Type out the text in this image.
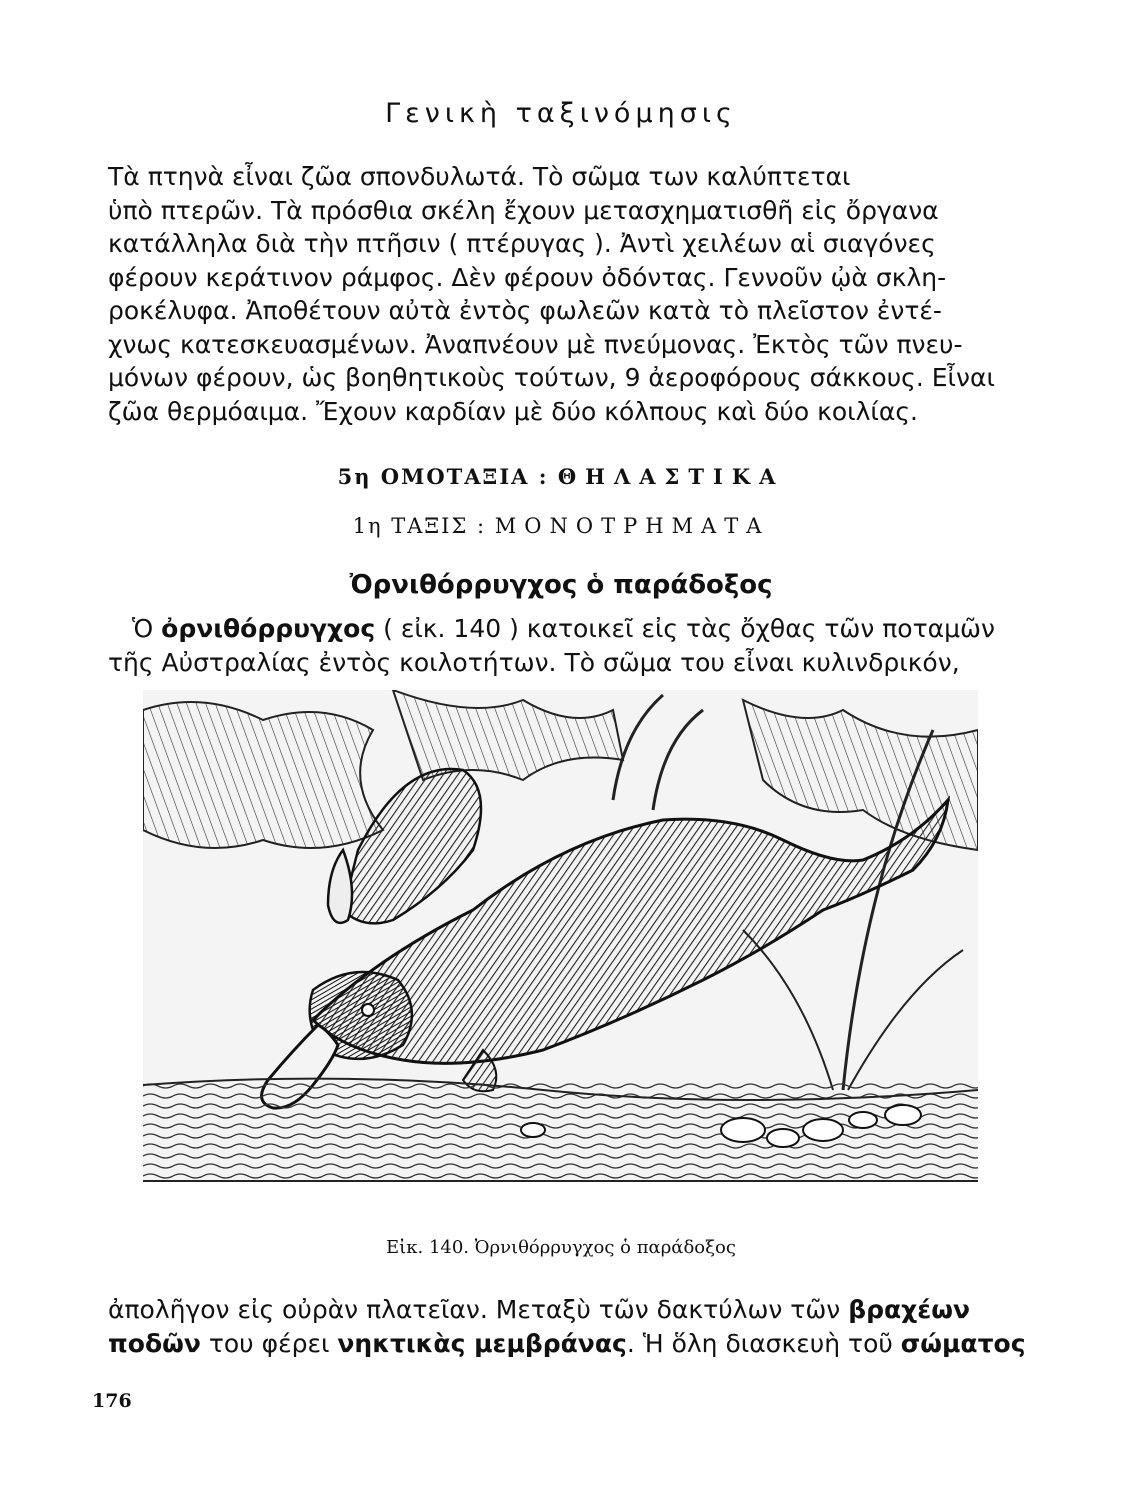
Γενικὴ ταξινόμησις
Τὰ πτηνὰ εἶναι ζῶα σπονδυλωτά. Τὸ σῶμα των καλύπτεται
ὑπὸ πτερῶν. Τὰ πρόσθια σκέλη ἔχουν μετασχηματισθῆ εἰς ὄργανα
κατάλληλα διὰ τὴν πτῆσιν ( πτέρυγας ). Ἀντὶ χειλέων αἱ σιαγόνες
φέρουν κεράτινον ράμφος. Δὲν φέρουν ὀδόντας. Γεννοῦν ᾠὰ σκλη-
ροκέλυφα. Ἀποθέτουν αὐτὰ ἐντὸς φωλεῶν κατὰ τὸ πλεῖστον ἐντέ-
χνως κατεσκευασμένων. Ἀναπνέουν μὲ πνεύμονας. Ἐκτὸς τῶν πνευ-
μόνων φέρουν, ὡς βοηθητικοὺς τούτων, 9 ἀεροφόρους σάκκους. Εἶναι
ζῶα θερμόαιμα. Ἔχουν καρδίαν μὲ δύο κόλπους καὶ δύο κοιλίας.
5η ΟΜΟΤΑΞΙΑ : ΘΗΛΑΣΤΙΚΑ
1η ΤΑΞΙΣ : ΜΟΝΟΤΡΗΜΑΤΑ
Ὀρνιθόρρυγχος ὁ παράδοξος
Ὁ ὀρνιθόρρυγχος ( εἰκ. 140 ) κατοικεῖ εἰς τὰς ὄχθας τῶν ποταμῶν
τῆς Αὐστραλίας ἐντὸς κοιλοτήτων. Τὸ σῶμα του εἶναι κυλινδρικόν,
Εἰκ. 140. Ὀρνιθόρρυγχος ὁ παράδοξος
ἀπολῆγον εἰς οὐρὰν πλατεῖαν. Μεταξὺ τῶν δακτύλων τῶν βραχέων
ποδῶν του φέρει νηκτικὰς μεμβράνας. Ἡ ὅλη διασκευὴ τοῦ σώματος
176
